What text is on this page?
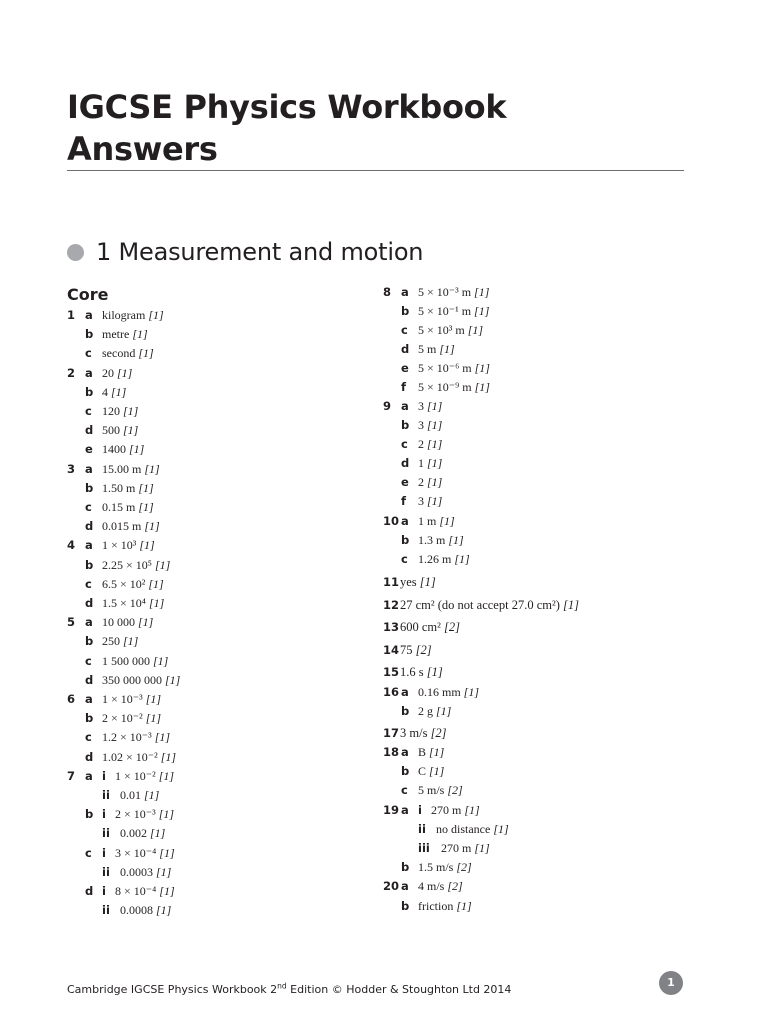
IGCSE Physics Workbook
Answers
1 Measurement and motion
Core
1 a kilogram [1]
b metre [1]
c second [1]
2 a 20 [1]
b 4 [1]
c 120 [1]
d 500 [1]
e 1400 [1]
3 a 15.00 m [1]
b 1.50 m [1]
c 0.15 m [1]
d 0.015 m [1]
4 a 1 × 10³ [1]
b 2.25 × 10⁵ [1]
c 6.5 × 10² [1]
d 1.5 × 10⁴ [1]
5 a 10 000 [1]
b 250 [1]
c 1 500 000 [1]
d 350 000 000 [1]
6 a 1 × 10⁻³ [1]
b 2 × 10⁻² [1]
c 1.2 × 10⁻³ [1]
d 1.02 × 10⁻² [1]
7 a i 1 × 10⁻² [1]
ii 0.01 [1]
b i 2 × 10⁻³ [1]
ii 0.002 [1]
c i 3 × 10⁻⁴ [1]
ii 0.0003 [1]
d i 8 × 10⁻⁴ [1]
ii 0.0008 [1]
8 a 5 × 10⁻³ m [1]
b 5 × 10⁻¹ m [1]
c 5 × 10³ m [1]
d 5 m [1]
e 5 × 10⁻⁶ m [1]
f 5 × 10⁻⁹ m [1]
9 a 3 [1]
b 3 [1]
c 2 [1]
d 1 [1]
e 2 [1]
f 3 [1]
10 a 1 m [1]
b 1.3 m [1]
c 1.26 m [1]
11 yes [1]
12 27 cm² (do not accept 27.0 cm²) [1]
13 600 cm² [2]
14 75 [2]
15 1.6 s [1]
16 a 0.16 mm [1]
b 2 g [1]
17 3 m/s [2]
18 a B [1]
b C [1]
c 5 m/s [2]
19 a i 270 m [1]
ii no distance [1]
iii 270 m [1]
b 1.5 m/s [2]
20 a 4 m/s [2]
b friction [1]
Cambridge IGCSE Physics Workbook 2nd Edition © Hodder & Stoughton Ltd 2014
1
